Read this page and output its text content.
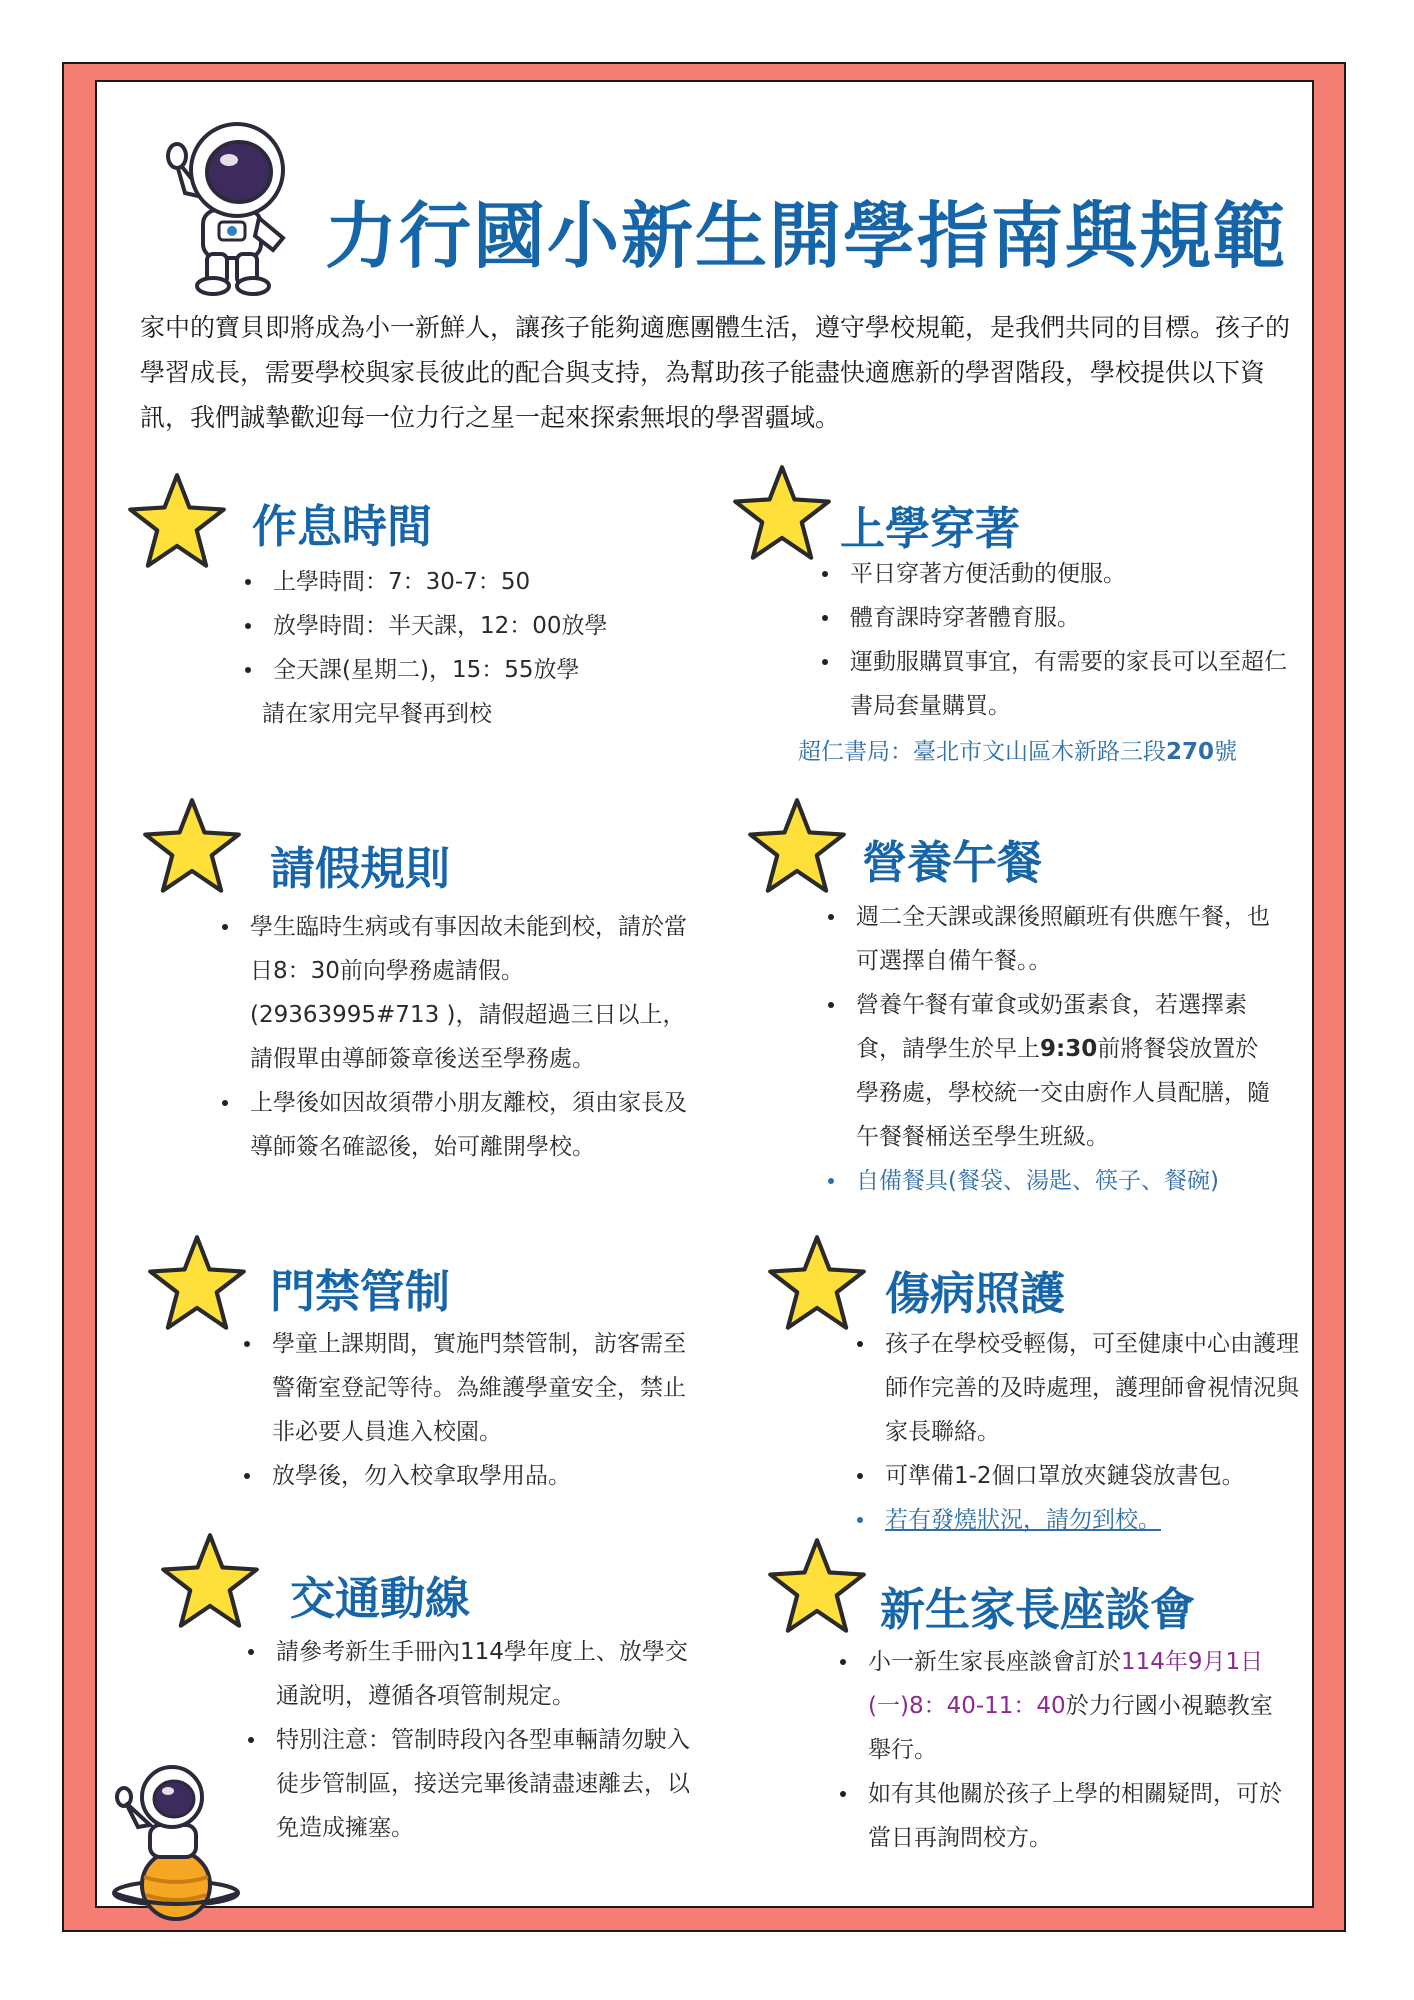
力行國小新生開學指南與規範
家中的寶貝即將成為小一新鮮人，讓孩子能夠適應團體生活，遵守學校規範，是我們共同的目標。孩子的學習成長，需要學校與家長彼此的配合與支持，為幫助孩子能盡快適應新的學習階段，學校提供以下資訊，我們誠摯歡迎每一位力行之星一起來探索無垠的學習疆域。
作息時間
上學時間：7：30-7：50
放學時間：半天課，12：00放學
全天課(星期二)，15：55放學
請在家用完早餐再到校
上學穿著
平日穿著方便活動的便服。
體育課時穿著體育服。
運動服購買事宜，有需要的家長可以至超仁書局套量購買。
超仁書局：臺北市文山區木新路三段270號
請假規則
學生臨時生病或有事因故未能到校，請於當日8：30前向學務處請假。(29363995#713 )，請假超過三日以上，請假單由導師簽章後送至學務處。
上學後如因故須帶小朋友離校，須由家長及導師簽名確認後，始可離開學校。
營養午餐
週二全天課或課後照顧班有供應午餐，也可選擇自備午餐。。
營養午餐有葷食或奶蛋素食，若選擇素食，請學生於早上9:30前將餐袋放置於學務處，學校統一交由廚作人員配膳，隨午餐餐桶送至學生班級。
自備餐具(餐袋、湯匙、筷子、餐碗)
門禁管制
學童上課期間，實施門禁管制，訪客需至警衛室登記等待。為維護學童安全，禁止非必要人員進入校園。
放學後，勿入校拿取學用品。
傷病照護
孩子在學校受輕傷，可至健康中心由護理師作完善的及時處理，護理師會視情況與家長聯絡。
可準備1-2個口罩放夾鏈袋放書包。
若有發燒狀況，請勿到校。
交通動線
請參考新生手冊內114學年度上、放學交通說明，遵循各項管制規定。
特別注意：管制時段內各型車輛請勿駛入徒步管制區，接送完畢後請盡速離去，以免造成擁塞。
新生家長座談會
小一新生家長座談會訂於114年9月1日(一)8：40-11：40於力行國小視聽教室舉行。
如有其他關於孩子上學的相關疑問，可於當日再詢問校方。
